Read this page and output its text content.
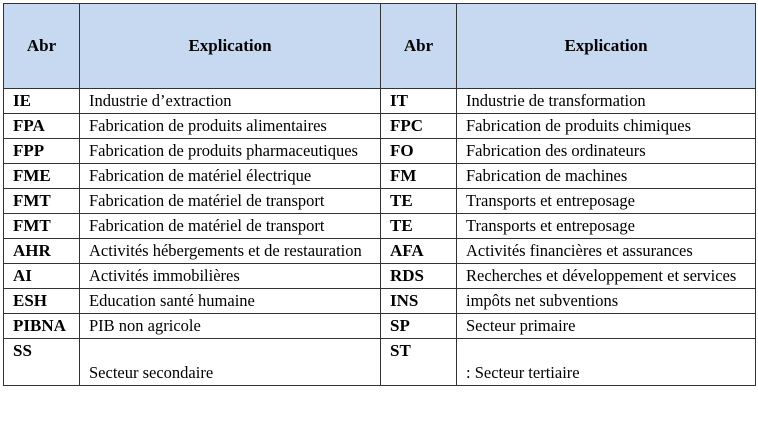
Abr	Explication	Abr	Explication
IE	Industrie d’extraction	IT	Industrie de transformation
FPA	Fabrication de produits alimentaires	FPC	Fabrication de produits chimiques
FPP	Fabrication de produits pharmaceutiques	FO	Fabrication des ordinateurs
FME	Fabrication de matériel électrique	FM	Fabrication de machines
FMT	Fabrication de matériel de transport	TE	Transports et entreposage
FMT	Fabrication de matériel de transport	TE	Transports et entreposage
AHR	Activités hébergements et de restauration	AFA	Activités financières et assurances
AI	Activités immobilières	RDS	Recherches et développement et services
ESH	Education santé humaine	INS	impôts net subventions
PIBNA	PIB non agricole	SP	Secteur primaire
SS	Secteur secondaire	ST	: Secteur tertiaire
